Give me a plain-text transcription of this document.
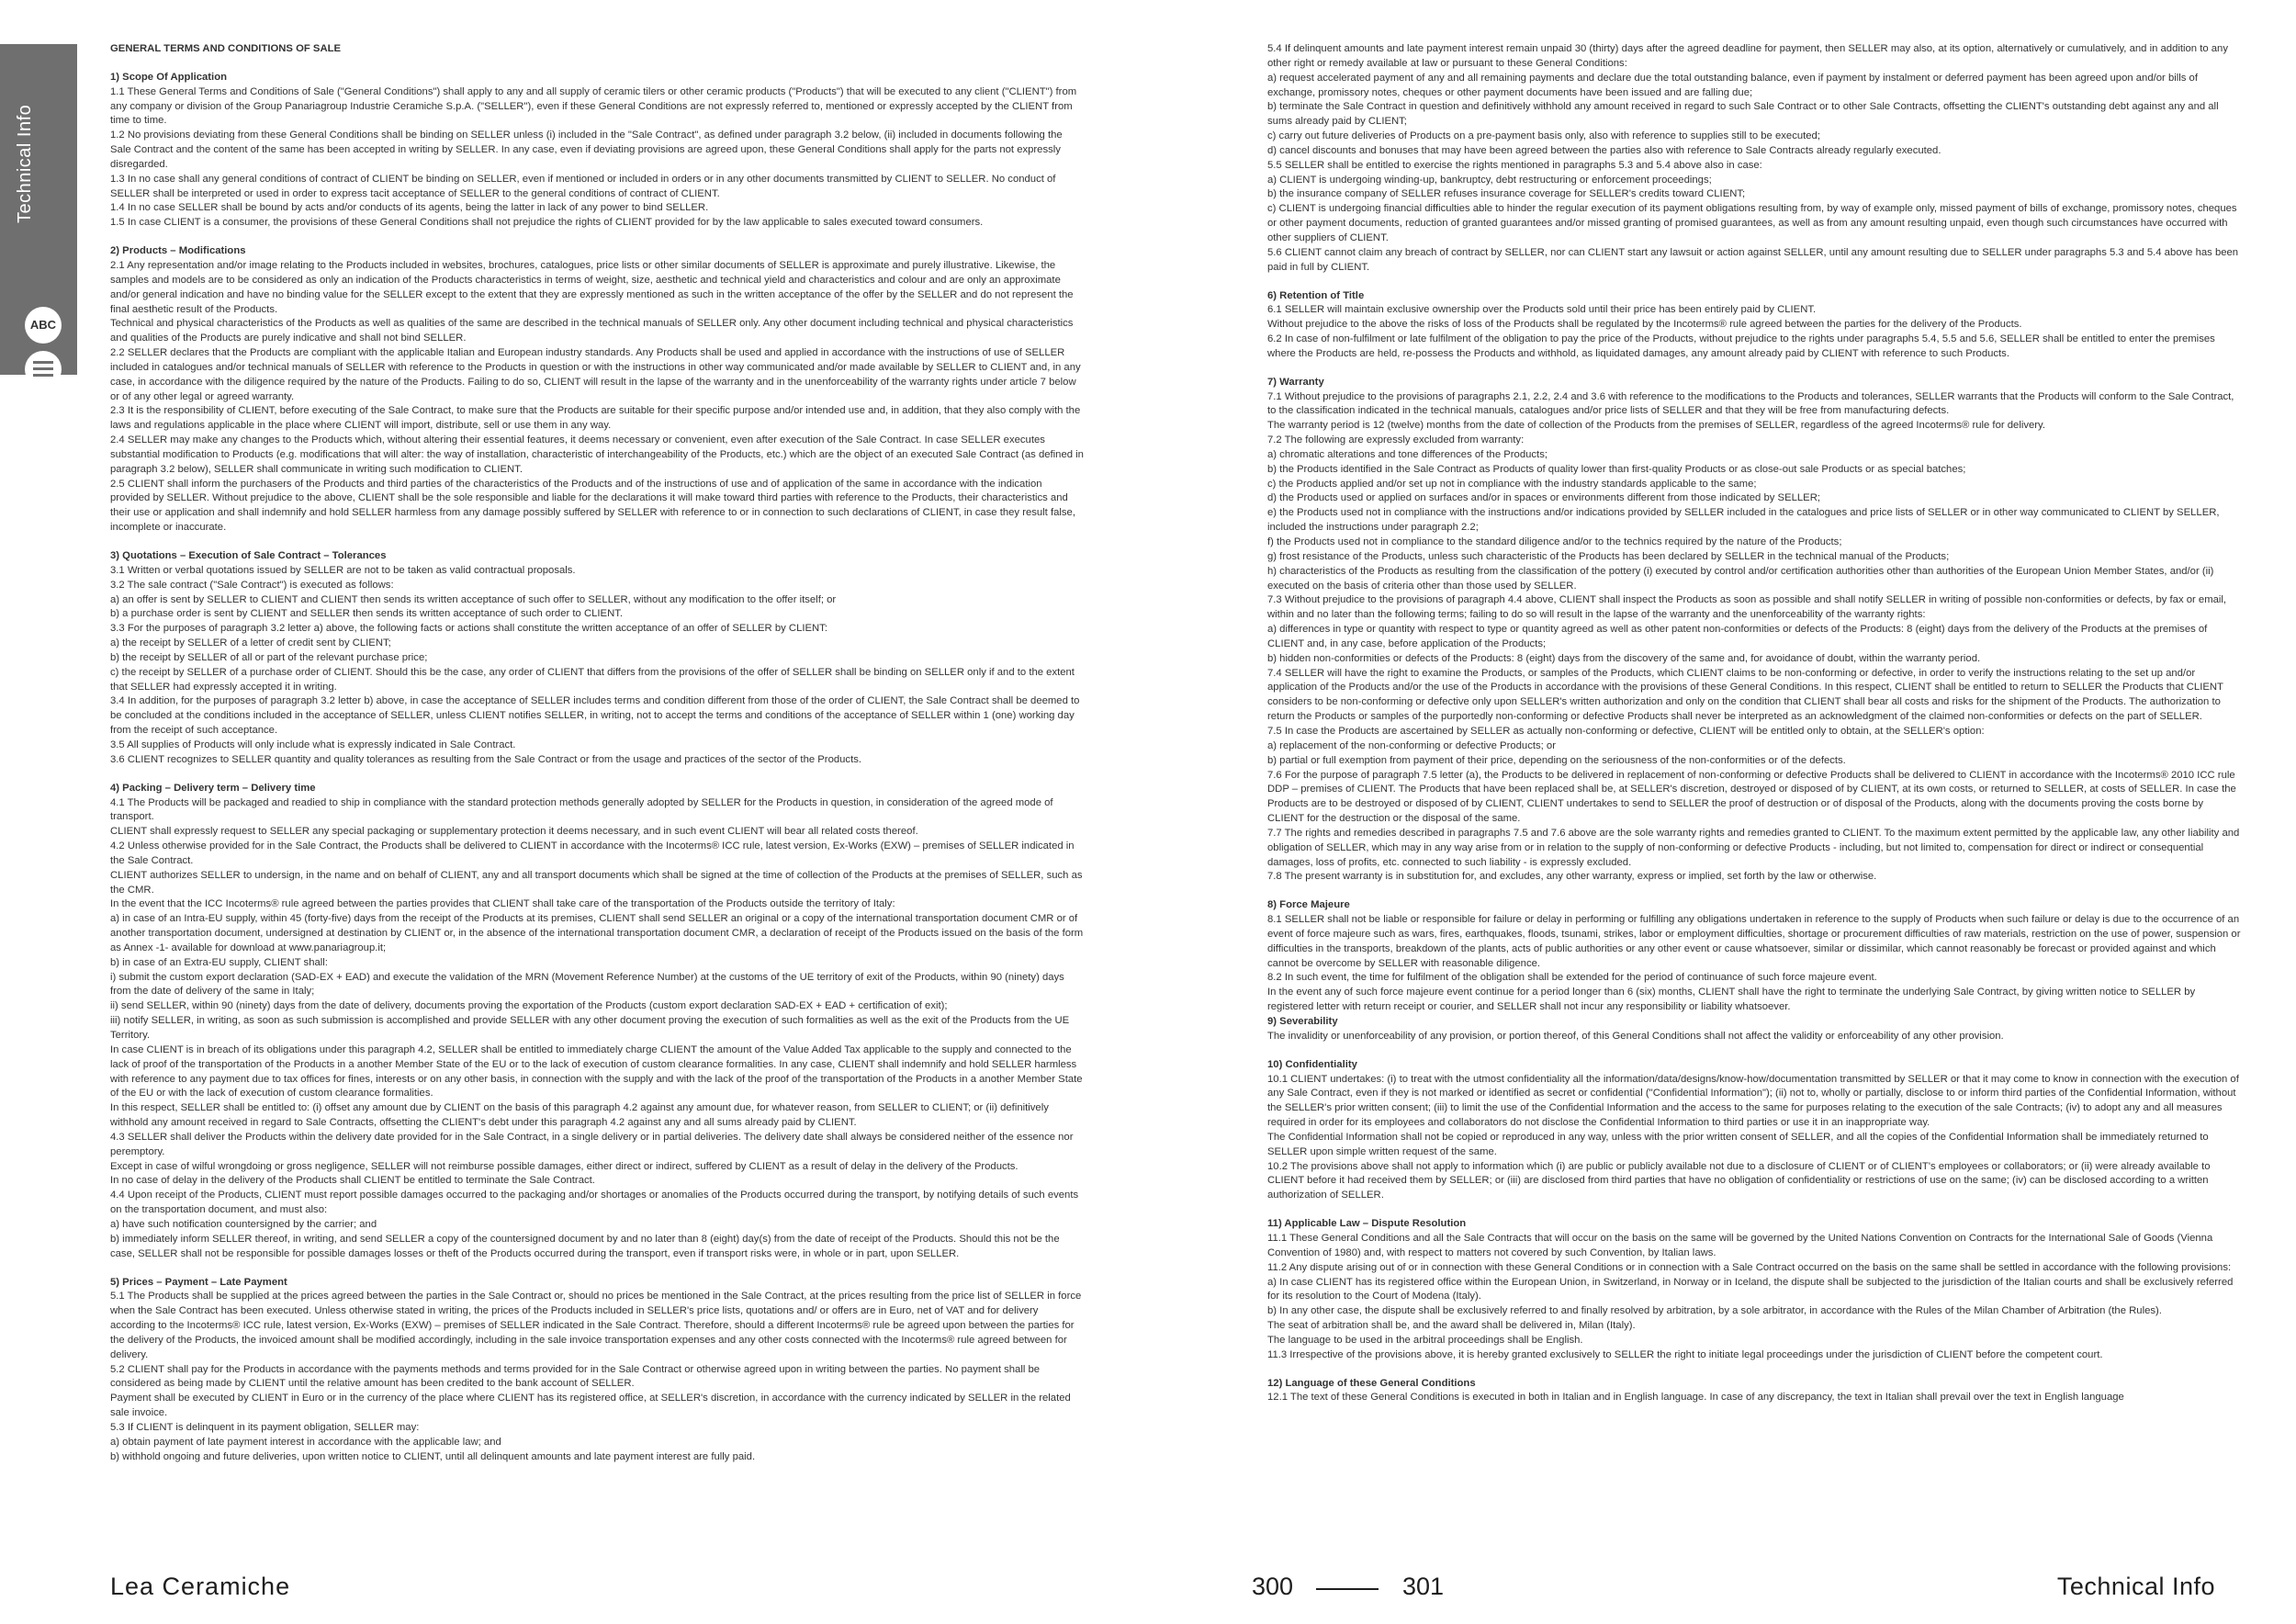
Technical Info
ABC

GENERAL TERMS AND CONDITIONS OF SALE

1) Scope Of Application

1.1 These General Terms and Conditions of Sale ("General Conditions") shall apply to any and all supply of ceramic tilers or other ceramic products ("Products") that will be executed to any client ("CLIENT") from any company or division of the Group Panariagroup Industrie Ceramiche S.p.A. ("SELLER"), even if these General Conditions are not expressly referred to, mentioned or expressly accepted by the CLIENT from time to time.

1.2 No provisions deviating from these General Conditions shall be binding on SELLER unless (i) included in the "Sale Contract", as defined under paragraph 3.2 below, (ii) included in documents following the Sale Contract and the content of the same has been accepted in writing by SELLER. In any case, even if deviating provisions are agreed upon, these General Conditions shall apply for the parts not expressly disregarded.

1.3 In no case shall any general conditions of contract of CLIENT be binding on SELLER, even if mentioned or included in orders or in any other documents transmitted by CLIENT to SELLER. No conduct of SELLER shall be interpreted or used in order to express tacit acceptance of SELLER to the general conditions of contract of CLIENT.

1.4 In no case SELLER shall be bound by acts and/or conducts of its agents, being the latter in lack of any power to bind SELLER.

1.5 In case CLIENT is a consumer, the provisions of these General Conditions shall not prejudice the rights of CLIENT provided for by the law applicable to sales executed toward consumers.

2) Products – Modifications

2.1 Any representation and/or image relating to the Products included in websites, brochures, catalogues, price lists or other similar documents of SELLER is approximate and purely illustrative. Likewise, the samples and models are to be considered as only an indication of the Products characteristics in terms of weight, size, aesthetic and technical yield and characteristics and colour and are only an approximate and/or general indication and have no binding value for the SELLER except to the extent that they are expressly mentioned as such in the written acceptance of the offer by the SELLER and do not represent the final aesthetic result of the Products.

Technical and physical characteristics of the Products as well as qualities of the same are described in the technical manuals of SELLER only. Any other document including technical and physical characteristics and qualities of the Products are purely indicative and shall not bind SELLER.

2.2 SELLER declares that the Products are compliant with the applicable Italian and European industry standards. Any Products shall be used and applied in accordance with the instructions of use of SELLER included in catalogues and/or technical manuals of SELLER with reference to the Products in question or with the instructions in other way communicated and/or made available by SELLER to CLIENT and, in any case, in accordance with the diligence required by the nature of the Products. Failing to do so, CLIENT will result in the lapse of the warranty and in the unenforceability of the warranty rights under article 7 below or of any other legal or agreed warranty.

2.3 It is the responsibility of CLIENT, before executing of the Sale Contract, to make sure that the Products are suitable for their specific purpose and/or intended use and, in addition, that they also comply with the laws and regulations applicable in the place where CLIENT will import, distribute, sell or use them in any way.

2.4 SELLER may make any changes to the Products which, without altering their essential features, it deems necessary or convenient, even after execution of the Sale Contract. In case SELLER executes substantial modification to Products (e.g. modifications that will alter: the way of installation, characteristic of interchangeability of the Products, etc.) which are the object of an executed Sale Contract (as defined in paragraph 3.2 below), SELLER shall communicate in writing such modification to CLIENT.

2.5 CLIENT shall inform the purchasers of the Products and third parties of the characteristics of the Products and of the instructions of use and of application of the same in accordance with the indication provided by SELLER. Without prejudice to the above, CLIENT shall be the sole responsible and liable for the declarations it will make toward third parties with reference to the Products, their characteristics and their use or application and shall indemnify and hold SELLER harmless from any damage possibly suffered by SELLER with reference to or in connection to such declarations of CLIENT, in case they result false, incomplete or inaccurate.

3) Quotations – Execution of Sale Contract – Tolerances

3.1 Written or verbal quotations issued by SELLER are not to be taken as valid contractual proposals.

3.2 The sale contract ("Sale Contract") is executed as follows:

a) an offer is sent by SELLER to CLIENT and CLIENT then sends its written acceptance of such offer to SELLER, without any modification to the offer itself; or

b) a purchase order is sent by CLIENT and SELLER then sends its written acceptance of such order to CLIENT.

3.3 For the purposes of paragraph 3.2 letter a) above, the following facts or actions shall constitute the written acceptance of an offer of SELLER by CLIENT:

a) the receipt by SELLER of a letter of credit sent by CLIENT;

b) the receipt by SELLER of all or part of the relevant purchase price;

c) the receipt by SELLER of a purchase order of CLIENT. Should this be the case, any order of CLIENT that differs from the provisions of the offer of SELLER shall be binding on SELLER only if and to the extent that SELLER had expressly accepted it in writing.

3.4 In addition, for the purposes of paragraph 3.2 letter b) above, in case the acceptance of SELLER includes terms and condition different from those of the order of CLIENT, the Sale Contract shall be deemed to be concluded at the conditions included in the acceptance of SELLER, unless CLIENT notifies SELLER, in writing, not to accept the terms and conditions of the acceptance of SELLER within 1 (one) working day from the receipt of such acceptance.

3.5 All supplies of Products will only include what is expressly indicated in Sale Contract.

3.6 CLIENT recognizes to SELLER quantity and quality tolerances as resulting from the Sale Contract or from the usage and practices of the sector of the Products.

4) Packing – Delivery term – Delivery time

4.1 The Products will be packaged and readied to ship in compliance with the standard protection methods generally adopted by SELLER for the Products in question, in consideration of the agreed mode of transport.

CLIENT shall expressly request to SELLER any special packaging or supplementary protection it deems necessary, and in such event CLIENT will bear all related costs thereof.

4.2 Unless otherwise provided for in the Sale Contract, the Products shall be delivered to CLIENT in accordance with the Incoterms® ICC rule, latest version, Ex-Works (EXW) – premises of SELLER indicated in the Sale Contract.

CLIENT authorizes SELLER to undersign, in the name and on behalf of CLIENT, any and all transport documents which shall be signed at the time of collection of the Products at the premises of SELLER, such as the CMR.

In the event that the ICC Incoterms® rule agreed between the parties provides that CLIENT shall take care of the transportation of the Products outside the territory of Italy:

a) in case of an Intra-EU supply, within 45 (forty-five) days from the receipt of the Products at its premises, CLIENT shall send SELLER an original or a copy of the international transportation document CMR or of another transportation document, undersigned at destination by CLIENT or, in the absence of the international transportation document CMR, a declaration of receipt of the Products issued on the basis of the form as Annex -1- available for download at www.panariagroup.it;

b) in case of an Extra-EU supply, CLIENT shall:

i) submit the custom export declaration (SAD-EX + EAD) and execute the validation of the MRN (Movement Reference Number) at the customs of the UE territory of exit of the Products, within 90 (ninety) days from the date of delivery of the same in Italy;

ii) send SELLER, within 90 (ninety) days from the date of delivery, documents proving the exportation of the Products (custom export declaration SAD-EX + EAD + certification of exit);

iii) notify SELLER, in writing, as soon as such submission is accomplished and provide SELLER with any other document proving the execution of such formalities as well as the exit of the Products from the UE Territory.

In case CLIENT is in breach of its obligations under this paragraph 4.2, SELLER shall be entitled to immediately charge CLIENT the amount of the Value Added Tax applicable to the supply and connected to the lack of proof of the transportation of the Products in a another Member State of the EU or to the lack of execution of custom clearance formalities. In any case, CLIENT shall indemnify and hold SELLER harmless with reference to any payment due to tax offices for fines, interests or on any other basis, in connection with the supply and with the lack of the proof of the transportation of the Products in a another Member State of the EU or with the lack of execution of custom clearance formalities.

In this respect, SELLER shall be entitled to: (i) offset any amount due by CLIENT on the basis of this paragraph 4.2 against any amount due, for whatever reason, from SELLER to CLIENT; or (ii) definitively withhold any amount received in regard to Sale Contracts, offsetting the CLIENT's debt under this paragraph 4.2 against any and all sums already paid by CLIENT.

4.3 SELLER shall deliver the Products within the delivery date provided for in the Sale Contract, in a single delivery or in partial deliveries. The delivery date shall always be considered neither of the essence nor peremptory.

Except in case of wilful wrongdoing or gross negligence, SELLER will not reimburse possible damages, either direct or indirect, suffered by CLIENT as a result of delay in the delivery of the Products.

In no case of delay in the delivery of the Products shall CLIENT be entitled to terminate the Sale Contract.

4.4 Upon receipt of the Products, CLIENT must report possible damages occurred to the packaging and/or shortages or anomalies of the Products occurred during the transport, by notifying details of such events on the transportation document, and must also:

a) have such notification countersigned by the carrier; and

b) immediately inform SELLER thereof, in writing, and send SELLER a copy of the countersigned document by and no later than 8 (eight) day(s) from the date of receipt of the Products. Should this not be the case, SELLER shall not be responsible for possible damages losses or theft of the Products occurred during the transport, even if transport risks were, in whole or in part, upon SELLER.

5) Prices – Payment – Late Payment

5.1 The Products shall be supplied at the prices agreed between the parties in the Sale Contract or, should no prices be mentioned in the Sale Contract, at the prices resulting from the price list of SELLER in force when the Sale Contract has been executed. Unless otherwise stated in writing, the prices of the Products included in SELLER's price lists, quotations and/ or offers are in Euro, net of VAT and for delivery according to the Incoterms® ICC rule, latest version, Ex-Works (EXW) – premises of SELLER indicated in the Sale Contract. Therefore, should a different Incoterms® rule be agreed upon between the parties for the delivery of the Products, the invoiced amount shall be modified accordingly, including in the sale invoice transportation expenses and any other costs connected with the Incoterms® rule agreed between for delivery.

5.2 CLIENT shall pay for the Products in accordance with the payments methods and terms provided for in the Sale Contract or otherwise agreed upon in writing between the parties. No payment shall be considered as being made by CLIENT until the relative amount has been credited to the bank account of SELLER.

Payment shall be executed by CLIENT in Euro or in the currency of the place where CLIENT has its registered office, at SELLER's discretion, in accordance with the currency indicated by SELLER in the related sale invoice.

5.3 If CLIENT is delinquent in its payment obligation, SELLER may:

a) obtain payment of late payment interest in accordance with the applicable law; and

b) withhold ongoing and future deliveries, upon written notice to CLIENT, until all delinquent amounts and late payment interest are fully paid.

5.4 If delinquent amounts and late payment interest remain unpaid 30 (thirty) days after the agreed deadline for payment, then SELLER may also, at its option, alternatively or cumulatively, and in addition to any other right or remedy available at law or pursuant to these General Conditions:

a) request accelerated payment of any and all remaining payments and declare due the total outstanding balance, even if payment by instalment or deferred payment has been agreed upon and/or bills of exchange, promissory notes, cheques or other payment documents have been issued and are falling due;

b) terminate the Sale Contract in question and definitively withhold any amount received in regard to such Sale Contract or to other Sale Contracts, offsetting the CLIENT's outstanding debt against any and all sums already paid by CLIENT;

c) carry out future deliveries of Products on a pre-payment basis only, also with reference to supplies still to be executed;

d) cancel discounts and bonuses that may have been agreed between the parties also with reference to Sale Contracts already regularly executed.

5.5 SELLER shall be entitled to exercise the rights mentioned in paragraphs 5.3 and 5.4 above also in case:

a) CLIENT is undergoing winding-up, bankruptcy, debt restructuring or enforcement proceedings;

b) the insurance company of SELLER refuses insurance coverage for SELLER's credits toward CLIENT;

c) CLIENT is undergoing financial difficulties able to hinder the regular execution of its payment obligations resulting from, by way of example only, missed payment of bills of exchange, promissory notes, cheques or other payment documents, reduction of granted guarantees and/or missed granting of promised guarantees, as well as from any amount resulting unpaid, even though such circumstances have occurred with other suppliers of CLIENT.

5.6 CLIENT cannot claim any breach of contract by SELLER, nor can CLIENT start any lawsuit or action against SELLER, until any amount resulting due to SELLER under paragraphs 5.3 and 5.4 above has been paid in full by CLIENT.

6) Retention of Title

6.1 SELLER will maintain exclusive ownership over the Products sold until their price has been entirely paid by CLIENT.

Without prejudice to the above the risks of loss of the Products shall be regulated by the Incoterms® rule agreed between the parties for the delivery of the Products.

6.2 In case of non-fulfilment or late fulfilment of the obligation to pay the price of the Products, without prejudice to the rights under paragraphs 5.4, 5.5 and 5.6, SELLER shall be entitled to enter the premises where the Products are held, re-possess the Products and withhold, as liquidated damages, any amount already paid by CLIENT with reference to such Products.

7) Warranty

7.1 Without prejudice to the provisions of paragraphs 2.1, 2.2, 2.4 and 3.6 with reference to the modifications to the Products and tolerances, SELLER warrants that the Products will conform to the Sale Contract, to the classification indicated in the technical manuals, catalogues and/or price lists of SELLER and that they will be free from manufacturing defects.

The warranty period is 12 (twelve) months from the date of collection of the Products from the premises of SELLER, regardless of the agreed Incoterms® rule for delivery.

7.2 The following are expressly excluded from warranty:

a) chromatic alterations and tone differences of the Products;

b) the Products identified in the Sale Contract as Products of quality lower than first-quality Products or as close-out sale Products or as special batches;

c) the Products applied and/or set up not in compliance with the industry standards applicable to the same;

d) the Products used or applied on surfaces and/or in spaces or environments different from those indicated by SELLER;

e) the Products used not in compliance with the instructions and/or indications provided by SELLER included in the catalogues and price lists of SELLER or in other way communicated to CLIENT by SELLER, included the instructions under paragraph 2.2;

f) the Products used not in compliance to the standard diligence and/or to the technics required by the nature of the Products;

g) frost resistance of the Products, unless such characteristic of the Products has been declared by SELLER in the technical manual of the Products;

h) characteristics of the Products as resulting from the classification of the pottery (i) executed by control and/or certification authorities other than authorities of the European Union Member States, and/or (ii) executed on the basis of criteria other than those used by SELLER.

7.3 Without prejudice to the provisions of paragraph 4.4 above, CLIENT shall inspect the Products as soon as possible and shall notify SELLER in writing of possible non-conformities or defects, by fax or email, within and no later than the following terms; failing to do so will result in the lapse of the warranty and the unenforceability of the warranty rights:

a) differences in type or quantity with respect to type or quantity agreed as well as other patent non-conformities or defects of the Products: 8 (eight) days from the delivery of the Products at the premises of CLIENT and, in any case, before application of the Products;

b) hidden non-conformities or defects of the Products: 8 (eight) days from the discovery of the same and, for avoidance of doubt, within the warranty period.

7.4 SELLER will have the right to examine the Products, or samples of the Products, which CLIENT claims to be non-conforming or defective, in order to verify the instructions relating to the set up and/or application of the Products and/or the use of the Products in accordance with the provisions of these General Conditions. In this respect, CLIENT shall be entitled to return to SELLER the Products that CLIENT considers to be non-conforming or defective only upon SELLER's written authorization and only on the condition that CLIENT shall bear all costs and risks for the shipment of the Products. The authorization to return the Products or samples of the purportedly non-conforming or defective Products shall never be interpreted as an acknowledgment of the claimed non-conformities or defects on the part of SELLER.

7.5 In case the Products are ascertained by SELLER as actually non-conforming or defective, CLIENT will be entitled only to obtain, at the SELLER's option:

a) replacement of the non-conforming or defective Products; or

b) partial or full exemption from payment of their price, depending on the seriousness of the non-conformities or of the defects.

7.6 For the purpose of paragraph 7.5 letter (a), the Products to be delivered in replacement of non-conforming or defective Products shall be delivered to CLIENT in accordance with the Incoterms® 2010 ICC rule DDP – premises of CLIENT. The Products that have been replaced shall be, at SELLER's discretion, destroyed or disposed of by CLIENT, at its own costs, or returned to SELLER, at costs of SELLER. In case the Products are to be destroyed or disposed of by CLIENT, CLIENT undertakes to send to SELLER the proof of destruction or of disposal of the Products, along with the documents proving the costs borne by CLIENT for the destruction or the disposal of the same.

7.7 The rights and remedies described in paragraphs 7.5 and 7.6 above are the sole warranty rights and remedies granted to CLIENT. To the maximum extent permitted by the applicable law, any other liability and obligation of SELLER, which may in any way arise from or in relation to the supply of non-conforming or defective Products - including, but not limited to, compensation for direct or indirect or consequential damages, loss of profits, etc. connected to such liability - is expressly excluded.

7.8 The present warranty is in substitution for, and excludes, any other warranty, express or implied, set forth by the law or otherwise.

8) Force Majeure

8.1 SELLER shall not be liable or responsible for failure or delay in performing or fulfilling any obligations undertaken in reference to the supply of Products when such failure or delay is due to the occurrence of an event of force majeure such as wars, fires, earthquakes, floods, tsunami, strikes, labor or employment difficulties, shortage or procurement difficulties of raw materials, restriction on the use of power, suspension or difficulties in the transports, breakdown of the plants, acts of public authorities or any other event or cause whatsoever, similar or dissimilar, which cannot reasonably be forecast or provided against and which cannot be overcome by SELLER with reasonable diligence.

8.2 In such event, the time for fulfilment of the obligation shall be extended for the period of continuance of such force majeure event.

In the event any of such force majeure event continue for a period longer than 6 (six) months, CLIENT shall have the right to terminate the underlying Sale Contract, by giving written notice to SELLER by registered letter with return receipt or courier, and SELLER shall not incur any responsibility or liability whatsoever.

9) Severability

The invalidity or unenforceability of any provision, or portion thereof, of this General Conditions shall not affect the validity or enforceability of any other provision.

10) Confidentiality

10.1 CLIENT undertakes: (i) to treat with the utmost confidentiality all the information/data/designs/know-how/documentation transmitted by SELLER or that it may come to know in connection with the execution of any Sale Contract, even if they is not marked or identified as secret or confidential ("Confidential Information"); (ii) not to, wholly or partially, disclose to or inform third parties of the Confidential Information, without the SELLER's prior written consent; (iii) to limit the use of the Confidential Information and the access to the same for purposes relating to the execution of the sale Contracts; (iv) to adopt any and all measures required in order for its employees and collaborators do not disclose the Confidential Information to third parties or use it in an inappropriate way.

The Confidential Information shall not be copied or reproduced in any way, unless with the prior written consent of SELLER, and all the copies of the Confidential Information shall be immediately returned to SELLER upon simple written request of the same.

10.2 The provisions above shall not apply to information which (i) are public or publicly available not due to a disclosure of CLIENT or of CLIENT's employees or collaborators; or (ii) were already available to CLIENT before it had received them by SELLER; or (iii) are disclosed from third parties that have no obligation of confidentiality or restrictions of use on the same; (iv) can be disclosed according to a written authorization of SELLER.

11) Applicable Law – Dispute Resolution

11.1 These General Conditions and all the Sale Contracts that will occur on the basis on the same will be governed by the United Nations Convention on Contracts for the International Sale of Goods (Vienna Convention of 1980) and, with respect to matters not covered by such Convention, by Italian laws.

11.2 Any dispute arising out of or in connection with these General Conditions or in connection with a Sale Contract occurred on the basis on the same shall be settled in accordance with the following provisions:

a) In case CLIENT has its registered office within the European Union, in Switzerland, in Norway or in Iceland, the dispute shall be subjected to the jurisdiction of the Italian courts and shall be exclusively referred for its resolution to the Court of Modena (Italy).

b) In any other case, the dispute shall be exclusively referred to and finally resolved by arbitration, by a sole arbitrator, in accordance with the Rules of the Milan Chamber of Arbitration (the Rules).

The seat of arbitration shall be, and the award shall be delivered in, Milan (Italy).

The language to be used in the arbitral proceedings shall be English.

11.3 Irrespective of the provisions above, it is hereby granted exclusively to SELLER the right to initiate legal proceedings under the jurisdiction of CLIENT before the competent court.

12) Language of these General Conditions

12.1 The text of these General Conditions is executed in both in Italian and in English language. In case of any discrepancy, the text in Italian shall prevail over the text in English language

Lea Ceramiche	300	301	Technical Info
